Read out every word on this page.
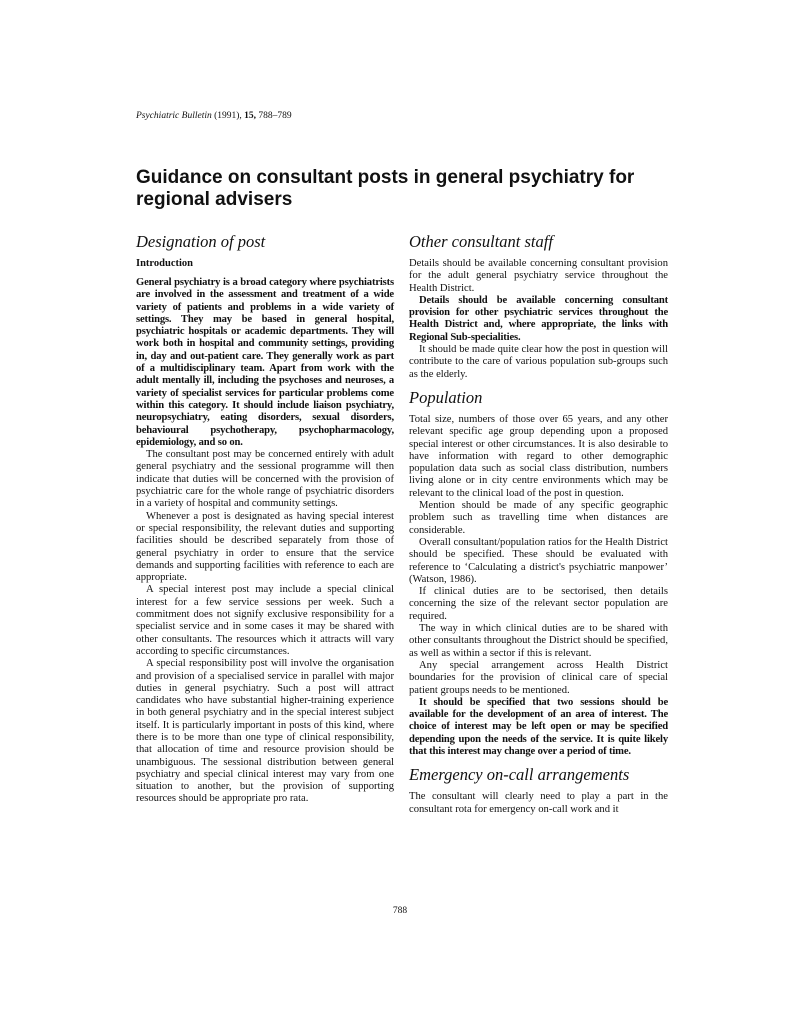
Psychiatric Bulletin (1991), 15, 788–789
Guidance on consultant posts in general psychiatry for regional advisers
Designation of post
Introduction

General psychiatry is a broad category where psychiatrists are involved in the assessment and treatment of a wide variety of patients and problems in a wide variety of settings. They may be based in general hospital, psychiatric hospitals or academic departments. They will work both in hospital and community settings, providing in, day and out-patient care. They generally work as part of a multidisciplinary team. Apart from work with the adult mentally ill, including the psychoses and neuroses, a variety of specialist services for particular problems come within this category. It should include liaison psychiatry, neuropsychiatry, eating disorders, sexual disorders, behavioural psychotherapy, psychopharmacology, epidemiology, and so on.

The consultant post may be concerned entirely with adult general psychiatry and the sessional programme will then indicate that duties will be concerned with the provision of psychiatric care for the whole range of psychiatric disorders in a variety of hospital and community settings.

Whenever a post is designated as having special interest or special responsibility, the relevant duties and supporting facilities should be described separately from those of general psychiatry in order to ensure that the service demands and supporting facilities with reference to each are appropriate.

A special interest post may include a special clinical interest for a few service sessions per week. Such a commitment does not signify exclusive responsibility for a specialist service and in some cases it may be shared with other consultants. The resources which it attracts will vary according to specific circumstances.

A special responsibility post will involve the organisation and provision of a specialised service in parallel with major duties in general psychiatry. Such a post will attract candidates who have substantial higher-training experience in both general psychiatry and in the special interest subject itself. It is particularly important in posts of this kind, where there is to be more than one type of clinical responsibility, that allocation of time and resource provision should be unambiguous. The sessional distribution between general psychiatry and special clinical interest may vary from one situation to another, but the provision of supporting resources should be appropriate pro rata.

Other consultant staff

Details should be available concerning consultant provision for the adult general psychiatry service throughout the Health District.

Details should be available concerning consultant provision for other psychiatric services throughout the Health District and, where appropriate, the links with Regional Sub-specialities.

It should be made quite clear how the post in question will contribute to the care of various population sub-groups such as the elderly.

Population

Total size, numbers of those over 65 years, and any other relevant specific age group depending upon a proposed special interest or other circumstances. It is also desirable to have information with regard to other demographic population data such as social class distribution, numbers living alone or in city centre environments which may be relevant to the clinical load of the post in question.

Mention should be made of any specific geographic problem such as travelling time when distances are considerable.

Overall consultant/population ratios for the Health District should be specified. These should be evaluated with reference to ‘Calculating a district's psychiatric manpower’ (Watson, 1986).

If clinical duties are to be sectorised, then details concerning the size of the relevant sector population are required.

The way in which clinical duties are to be shared with other consultants throughout the District should be specified, as well as within a sector if this is relevant.

Any special arrangement across Health District boundaries for the provision of clinical care of special patient groups needs to be mentioned.

It should be specified that two sessions should be available for the development of an area of interest. The choice of interest may be left open or may be specified depending upon the needs of the service. It is quite likely that this interest may change over a period of time.

Emergency on-call arrangements

The consultant will clearly need to play a part in the consultant rota for emergency on-call work and it

788
